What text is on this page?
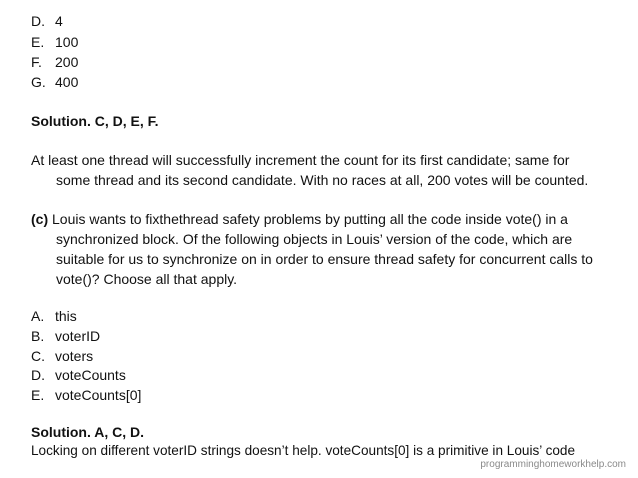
D. 4
E. 100
F. 200
G. 400
Solution. C, D, E, F.
At least one thread will successfully increment the count for its first candidate; same for
some thread and its second candidate. With no races at all, 200 votes will be counted.
(c) Louis wants to fixthethread safety problems by putting all the code inside vote() in a
synchronized block. Of the following objects in Louis’ version of the code, which are
suitable for us to synchronize on in order to ensure thread safety for concurrent calls to
vote()? Choose all that apply.
A. this
B. voterID
C. voters
D. voteCounts
E. voteCounts[0]
Solution. A, C, D.
Locking on different voterID strings doesn’t help. voteCounts[0] is a primitive in Louis’ code
programminghomeworkhelp.com
